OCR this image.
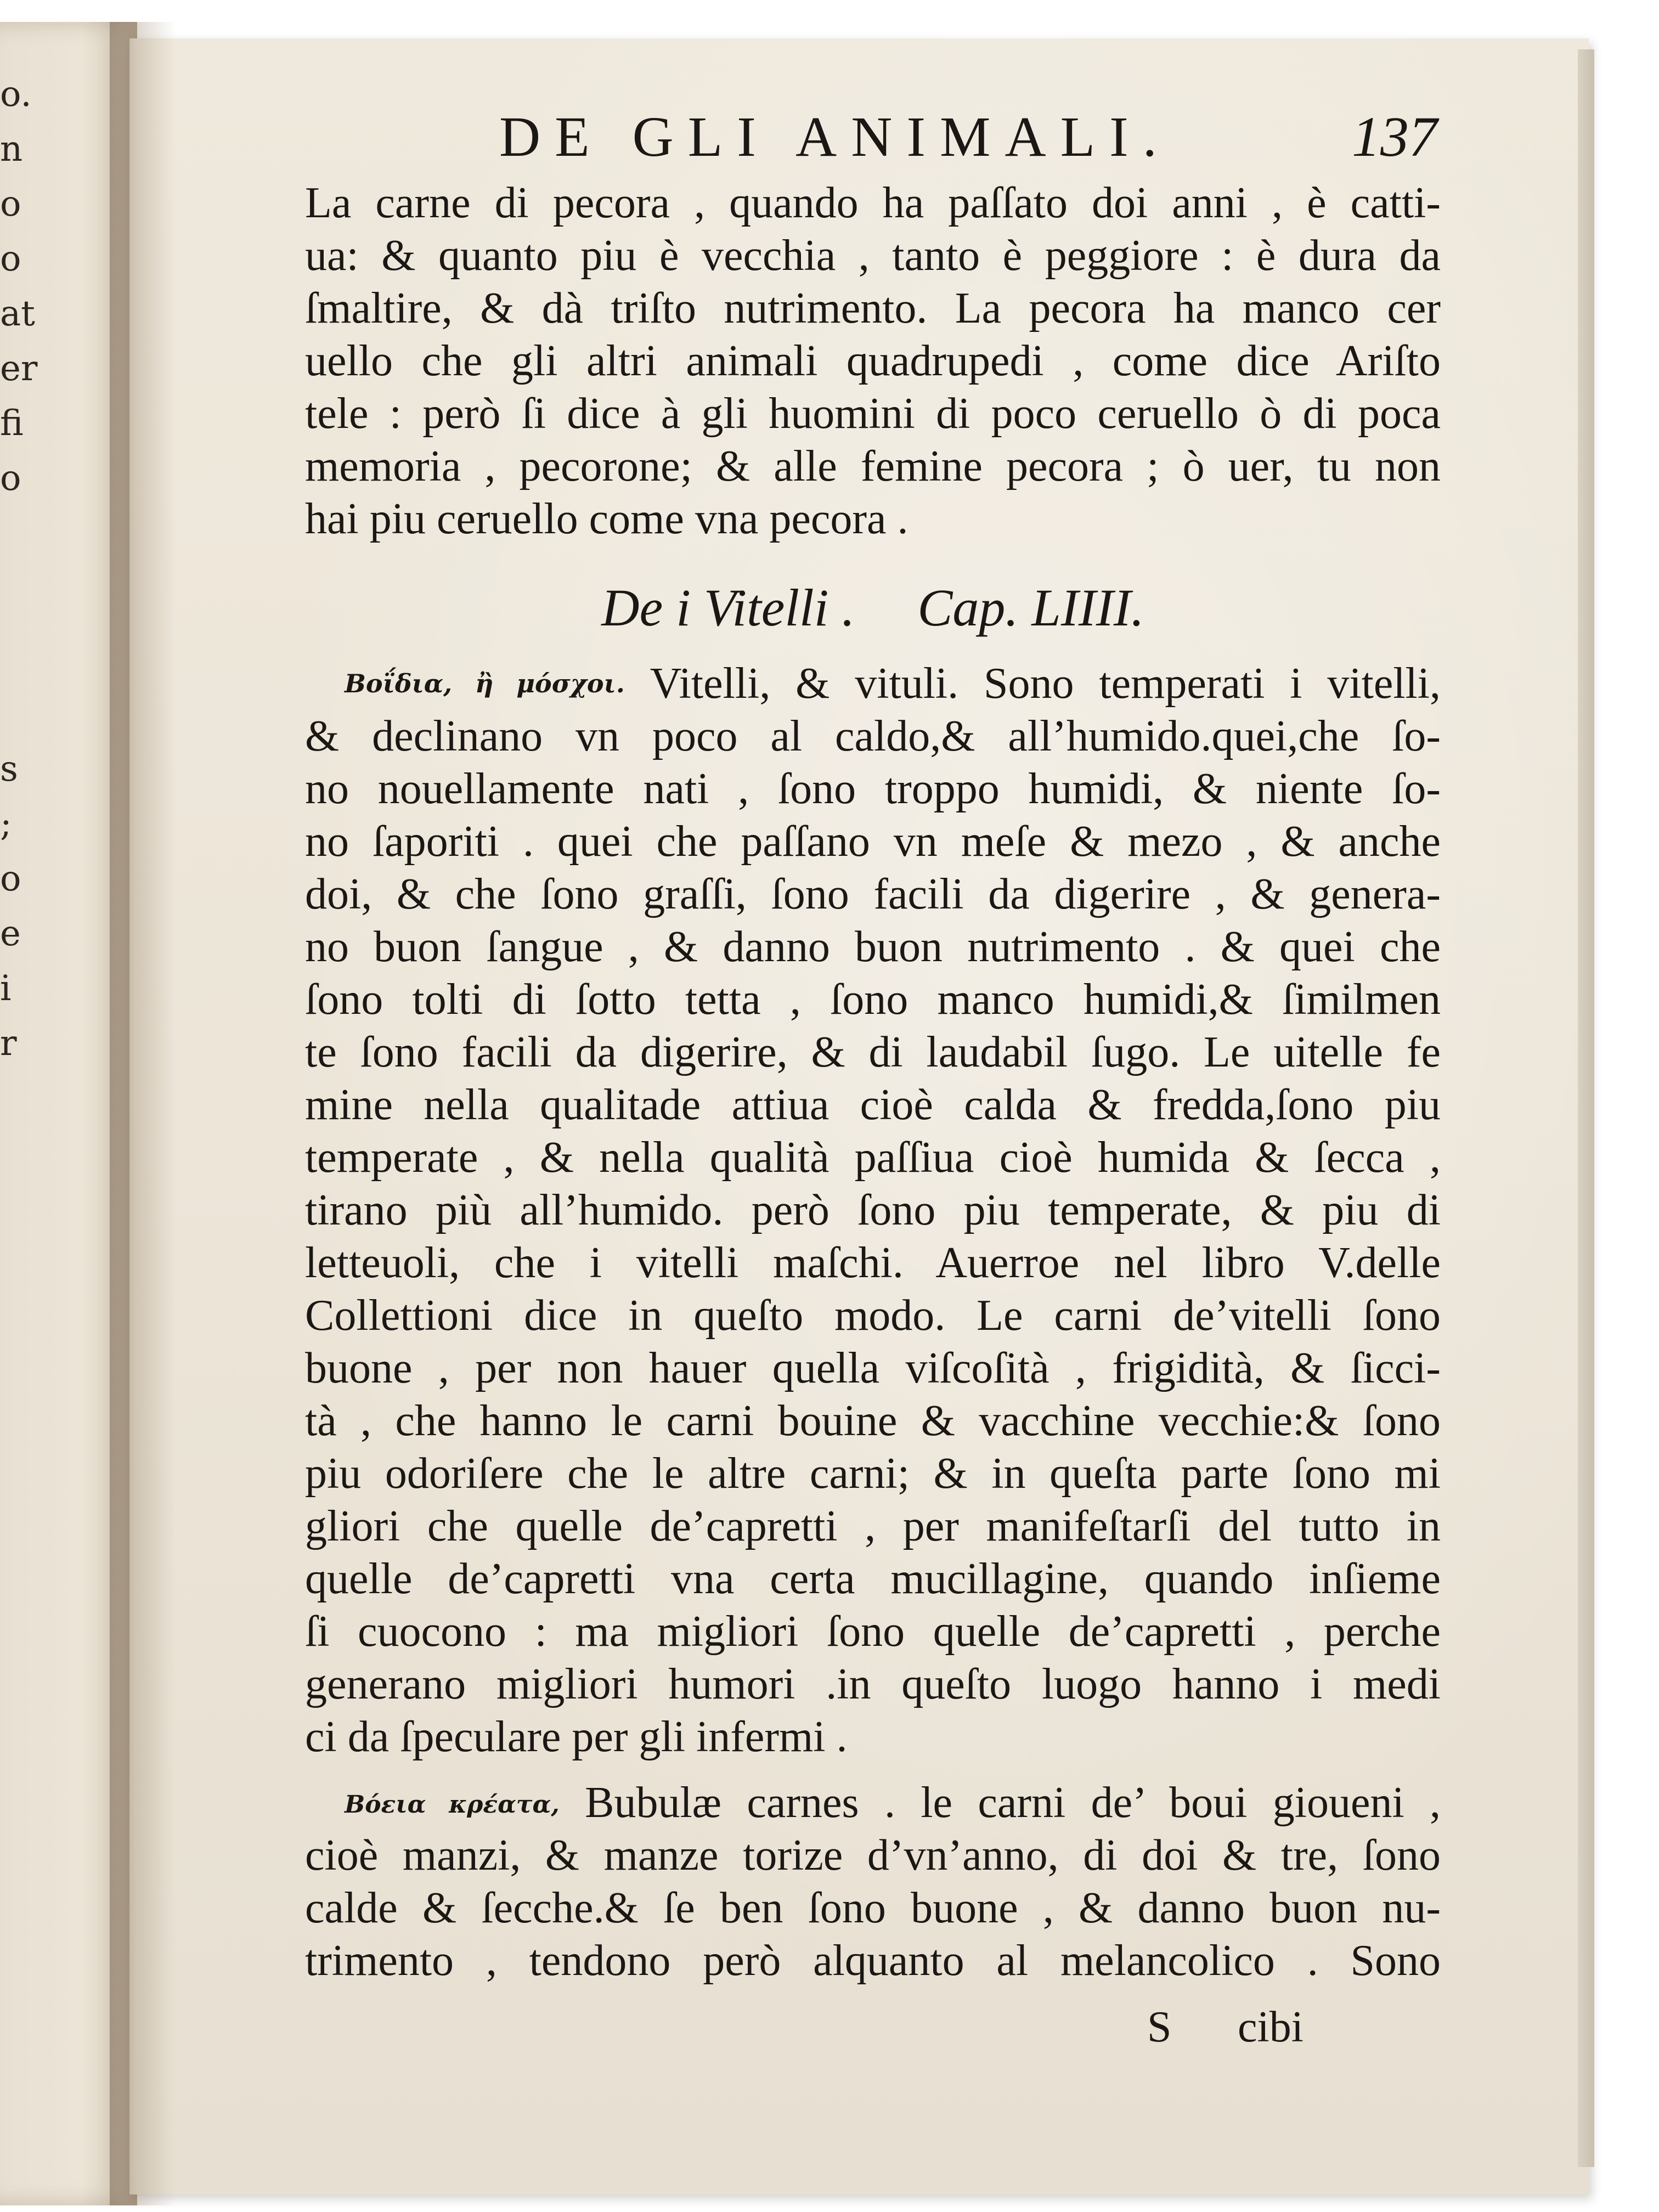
o.
n
o
o
at
er
fi
o
s
;
o
e
i
r
DE GLI ANIMALI.	137
La carne di pecora , quando ha paſſato doi anni , è catti-
ua: & quanto piu è vecchia , tanto è peggiore : è dura da
ſmaltire, & dà triſto nutrimento. La pecora ha manco cer
uello che gli altri animali quadrupedi , come dice Ariſto
tele : però ſi dice à gli huomini di poco ceruello ò di poca
memoria , pecorone; & alle femine pecora ; ò uer, tu non
hai piu ceruello come vna pecora .
De i Vitelli . Cap. LIIII.
Βοΐδια, ἢ μόσχοι. Vitelli, & vituli. Sono temperati i vitelli,
& declinano vn poco al caldo,& all’humido.quei,che ſo-
no nouellamente nati , ſono troppo humidi, & niente ſo-
no ſaporiti . quei che paſſano vn meſe & mezo , & anche
doi, & che ſono graſſi, ſono facili da digerire , & genera-
no buon ſangue , & danno buon nutrimento . & quei che
ſono tolti di ſotto tetta , ſono manco humidi,& ſimilmen
te ſono facili da digerire, & di laudabil ſugo. Le uitelle fe
mine nella qualitade attiua cioè calda & fredda,ſono piu
temperate , & nella qualità paſſiua cioè humida & ſecca ,
tirano più all’humido. però ſono piu temperate, & piu di
letteuoli, che i vitelli maſchi. Auerroe nel libro V.delle
Collettioni dice in queſto modo. Le carni de’vitelli ſono
buone , per non hauer quella viſcoſità , frigidità, & ſicci-
tà , che hanno le carni bouine & vacchine vecchie:& ſono
piu odoriſere che le altre carni; & in queſta parte ſono mi
gliori che quelle de’capretti , per manifeſtarſi del tutto in
quelle de’capretti vna certa mucillagine, quando inſieme
ſi cuocono : ma migliori ſono quelle de’capretti , perche
generano migliori humori .in queſto luogo hanno i medi
ci da ſpeculare per gli infermi .
Βόεια κρέατα, Bubulæ carnes . le carni de’ boui gioueni ,
cioè manzi, & manze torize d’vn’anno, di doi & tre, ſono
calde & ſecche.& ſe ben ſono buone , & danno buon nu-
trimento , tendono però alquanto al melancolico . Sono
S cibi
